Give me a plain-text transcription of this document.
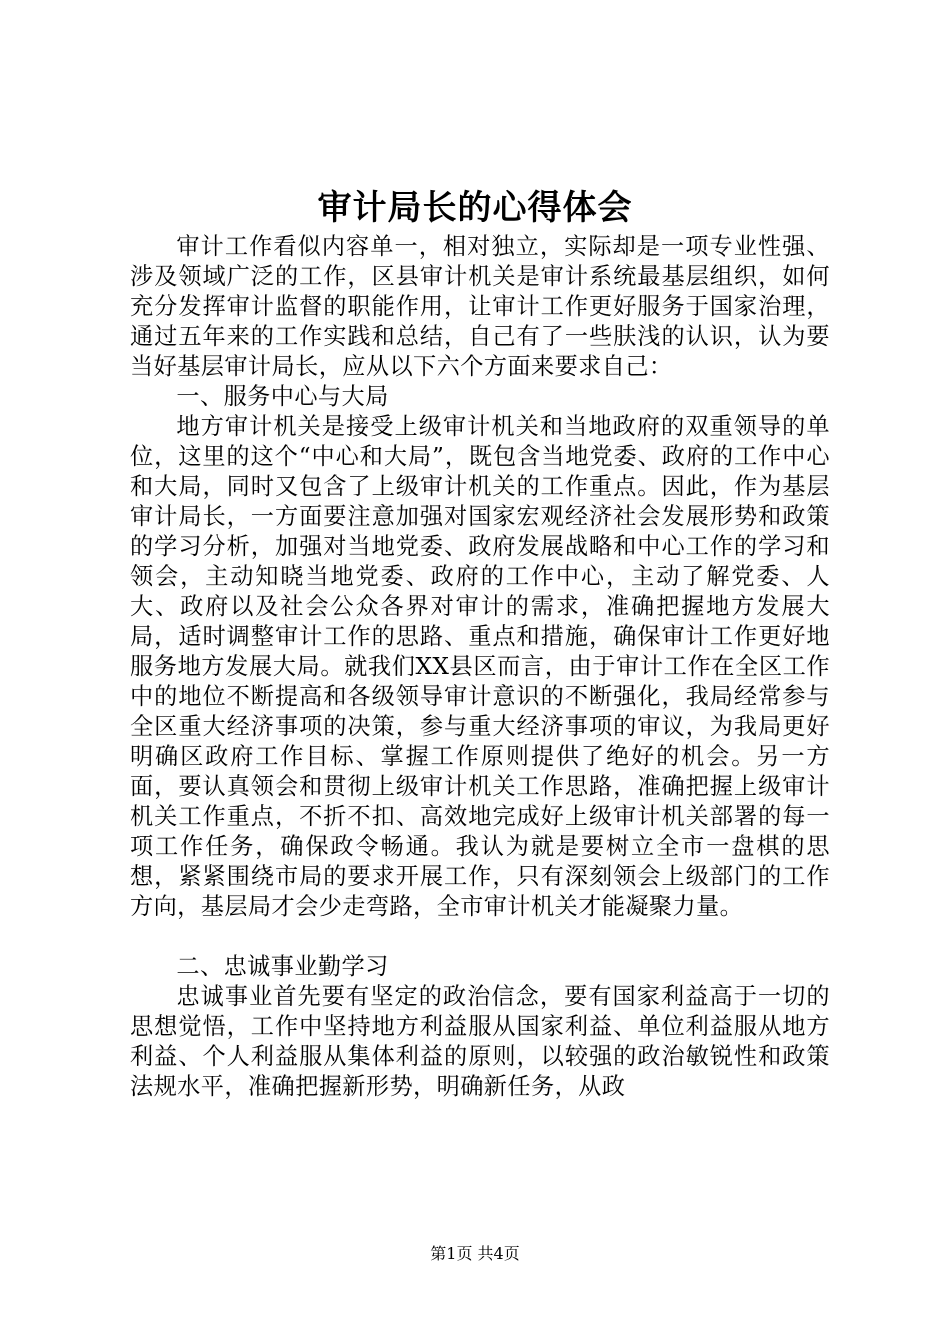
审计局长的心得体会

审计工作看似内容单一，相对独立，实际却是一项专业性强、涉及领域广泛的工作，区县审计机关是审计系统最基层组织，如何充分发挥审计监督的职能作用，让审计工作更好服务于国家治理，通过五年来的工作实践和总结，自己有了一些肤浅的认识，认为要当好基层审计局长，应从以下六个方面来要求自己：

一、服务中心与大局

地方审计机关是接受上级审计机关和当地政府的双重领导的单位，这里的这个“中心和大局”，既包含当地党委、政府的工作中心和大局，同时又包含了上级审计机关的工作重点。因此，作为基层审计局长，一方面要注意加强对国家宏观经济社会发展形势和政策的学习分析，加强对当地党委、政府发展战略和中心工作的学习和领会，主动知晓当地党委、政府的工作中心，主动了解党委、人大、政府以及社会公众各界对审计的需求，准确把握地方发展大局，适时调整审计工作的思路、重点和措施，确保审计工作更好地服务地方发展大局。就我们XX县区而言，由于审计工作在全区工作中的地位不断提高和各级领导审计意识的不断强化，我局经常参与全区重大经济事项的决策，参与重大经济事项的审议，为我局更好明确区政府工作目标、掌握工作原则提供了绝好的机会。另一方面，要认真领会和贯彻上级审计机关工作思路，准确把握上级审计机关工作重点，不折不扣、高效地完成好上级审计机关部署的每一项工作任务，确保政令畅通。我认为就是要树立全市一盘棋的思想，紧紧围绕市局的要求开展工作，只有深刻领会上级部门的工作方向，基层局才会少走弯路，全市审计机关才能凝聚力量。

二、忠诚事业勤学习

忠诚事业首先要有坚定的政治信念，要有国家利益高于一切的思想觉悟，工作中坚持地方利益服从国家利益、单位利益服从地方利益、个人利益服从集体利益的原则，以较强的政治敏锐性和政策法规水平，准确把握新形势，明确新任务，从政

第1页 共4页
